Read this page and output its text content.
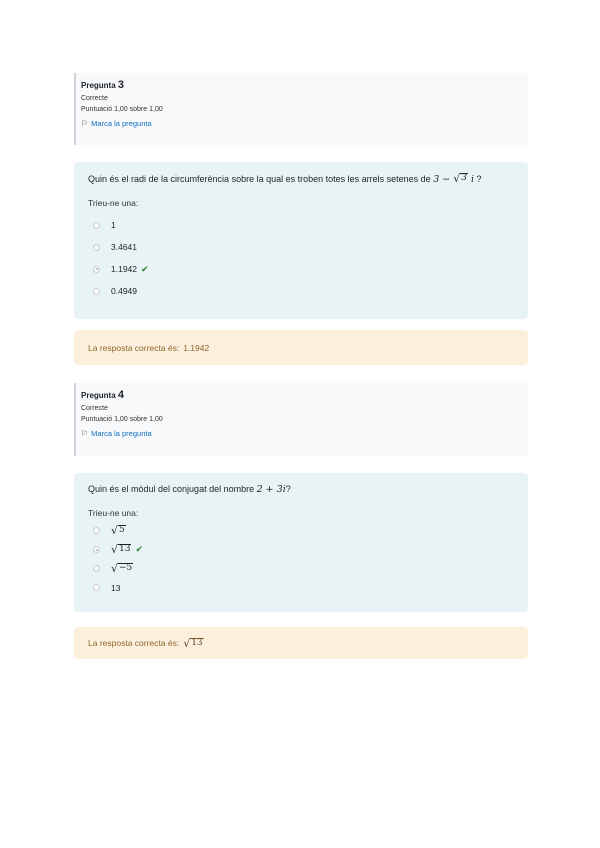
Pregunta 3
Correcte
Puntuació 1,00 sobre 1,00
⚐ Marca la pregunta
Quin és el radi de la circumferència sobre la qual es troben totes les arrels setenes de 3 − √ 3 i ?
Trieu-ne una:
1
3.4641
1.1942 ✔
0.4949
La resposta correcta és: 1.1942
Pregunta 4
Correcte
Puntuació 1,00 sobre 1,00
⚐ Marca la pregunta
Quin és el mòdul del conjugat del nombre 2 + 3i?
Trieu-ne una:
√ 5
√ 13 ✔
√ −5
13
La resposta correcta és: √ 13
